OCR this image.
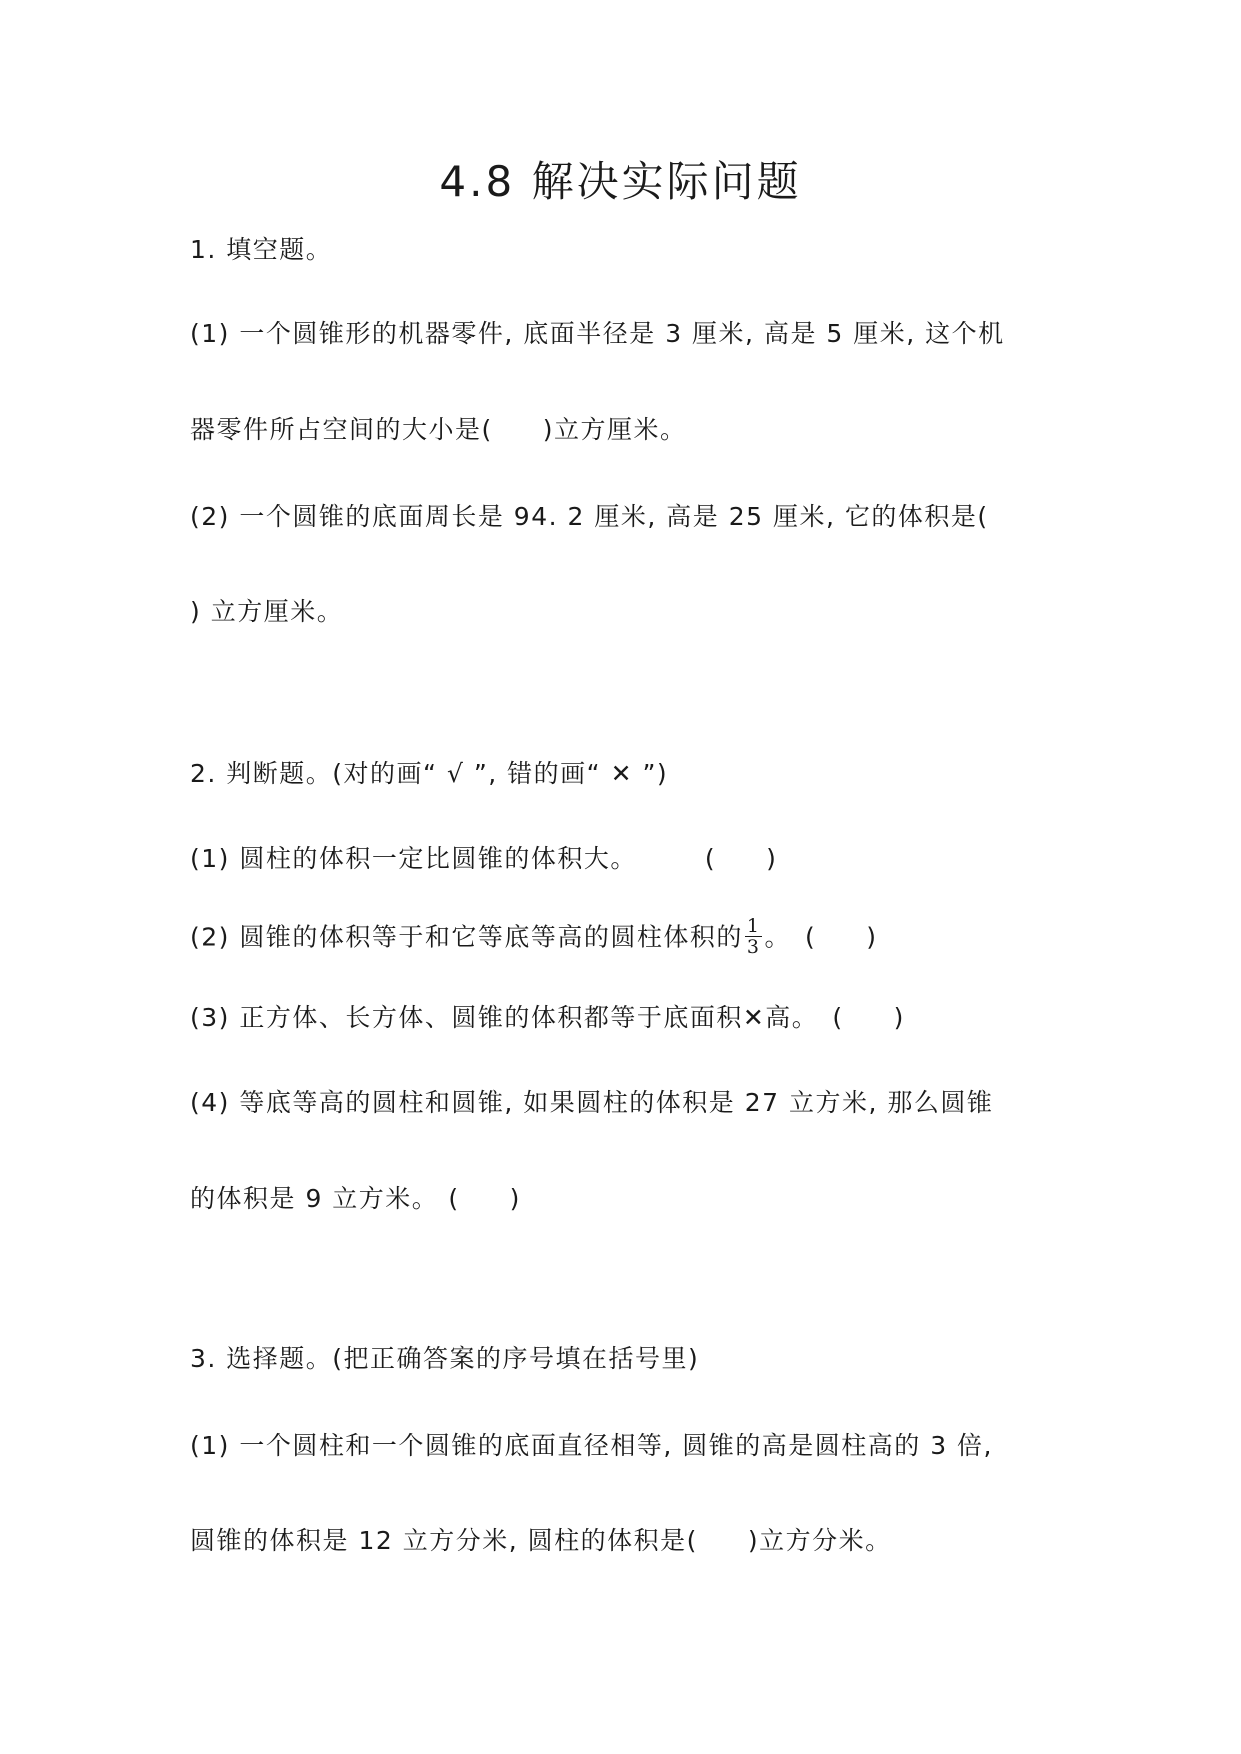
4.8 解决实际问题
1. 填空题。
(1) 一个圆锥形的机器零件, 底面半径是 3 厘米, 高是 5 厘米, 这个机
器零件所占空间的大小是( )立方厘米。
(2) 一个圆锥的底面周长是 94. 2 厘米, 高是 25 厘米, 它的体积是(
) 立方厘米。
2. 判断题。(对的画“ √ ”, 错的画“ ✕ ”)
(1) 圆柱的体积一定比圆锥的体积大。	( )
(2) 圆锥的体积等于和它等底等高的圆柱体积的 $\frac{1}{3}$ 。 ( )
(3) 正方体、长方体、圆锥的体积都等于底面积✕高。 ( )
(4) 等底等高的圆柱和圆锥, 如果圆柱的体积是 27 立方米, 那么圆锥
的体积是 9 立方米。 ( )
3. 选择题。(把正确答案的序号填在括号里)
(1) 一个圆柱和一个圆锥的底面直径相等, 圆锥的高是圆柱高的 3 倍,
圆锥的体积是 12 立方分米, 圆柱的体积是( )立方分米。
